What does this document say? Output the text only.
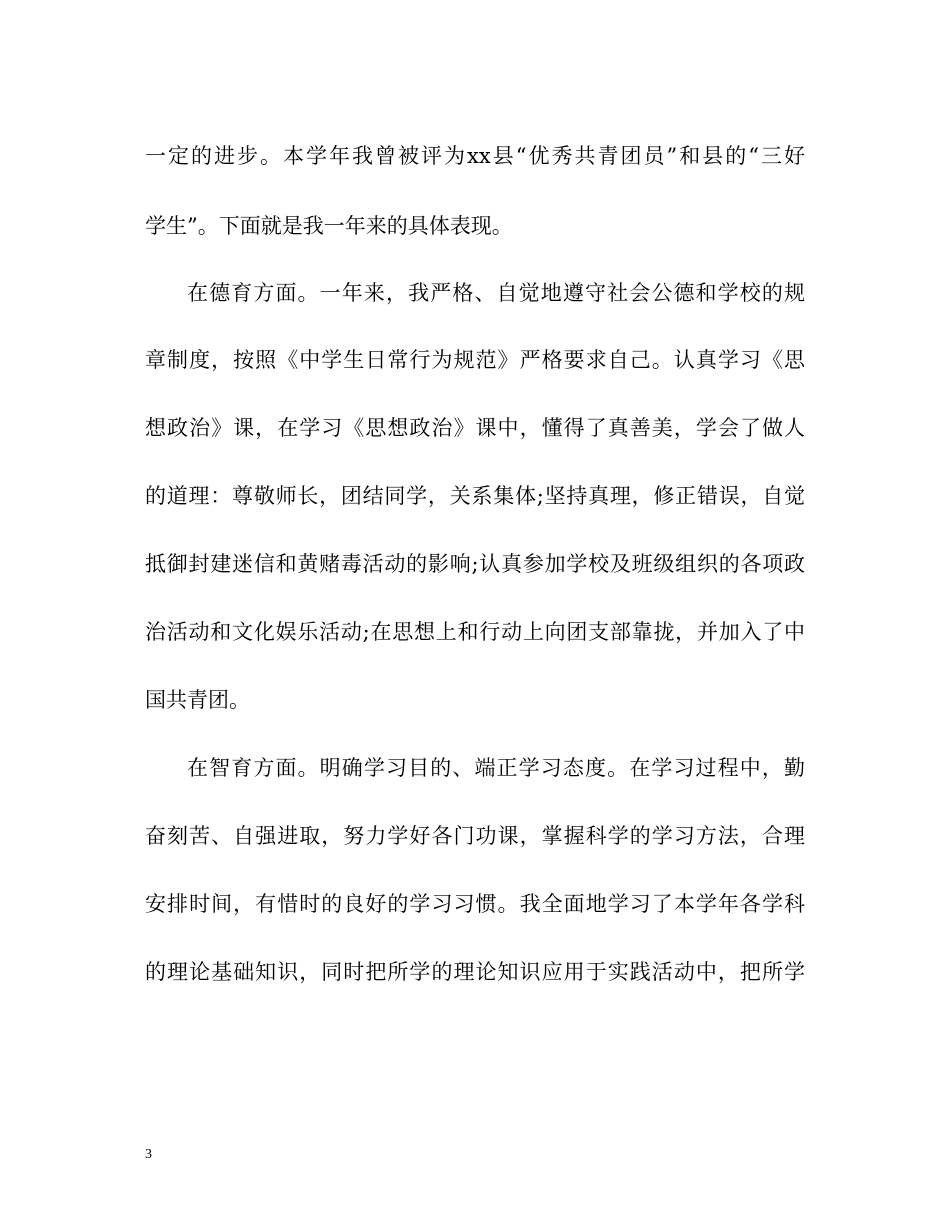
一定的进步。本学年我曾被评为xx县“优秀共青团员”和县的“三好
学生”。下面就是我一年来的具体表现。
在德育方面。一年来，我严格、自觉地遵守社会公德和学校的规
章制度，按照《中学生日常行为规范》严格要求自己。认真学习《思
想政治》课，在学习《思想政治》课中，懂得了真善美，学会了做人
的道理：尊敬师长，团结同学，关系集体;坚持真理，修正错误，自觉
抵御封建迷信和黄赌毒活动的影响;认真参加学校及班级组织的各项政
治活动和文化娱乐活动;在思想上和行动上向团支部靠拢，并加入了中
国共青团。
在智育方面。明确学习目的、端正学习态度。在学习过程中，勤
奋刻苦、自强进取，努力学好各门功课，掌握科学的学习方法，合理
安排时间，有惜时的良好的学习习惯。我全面地学习了本学年各学科
的理论基础知识，同时把所学的理论知识应用于实践活动中，把所学
3
